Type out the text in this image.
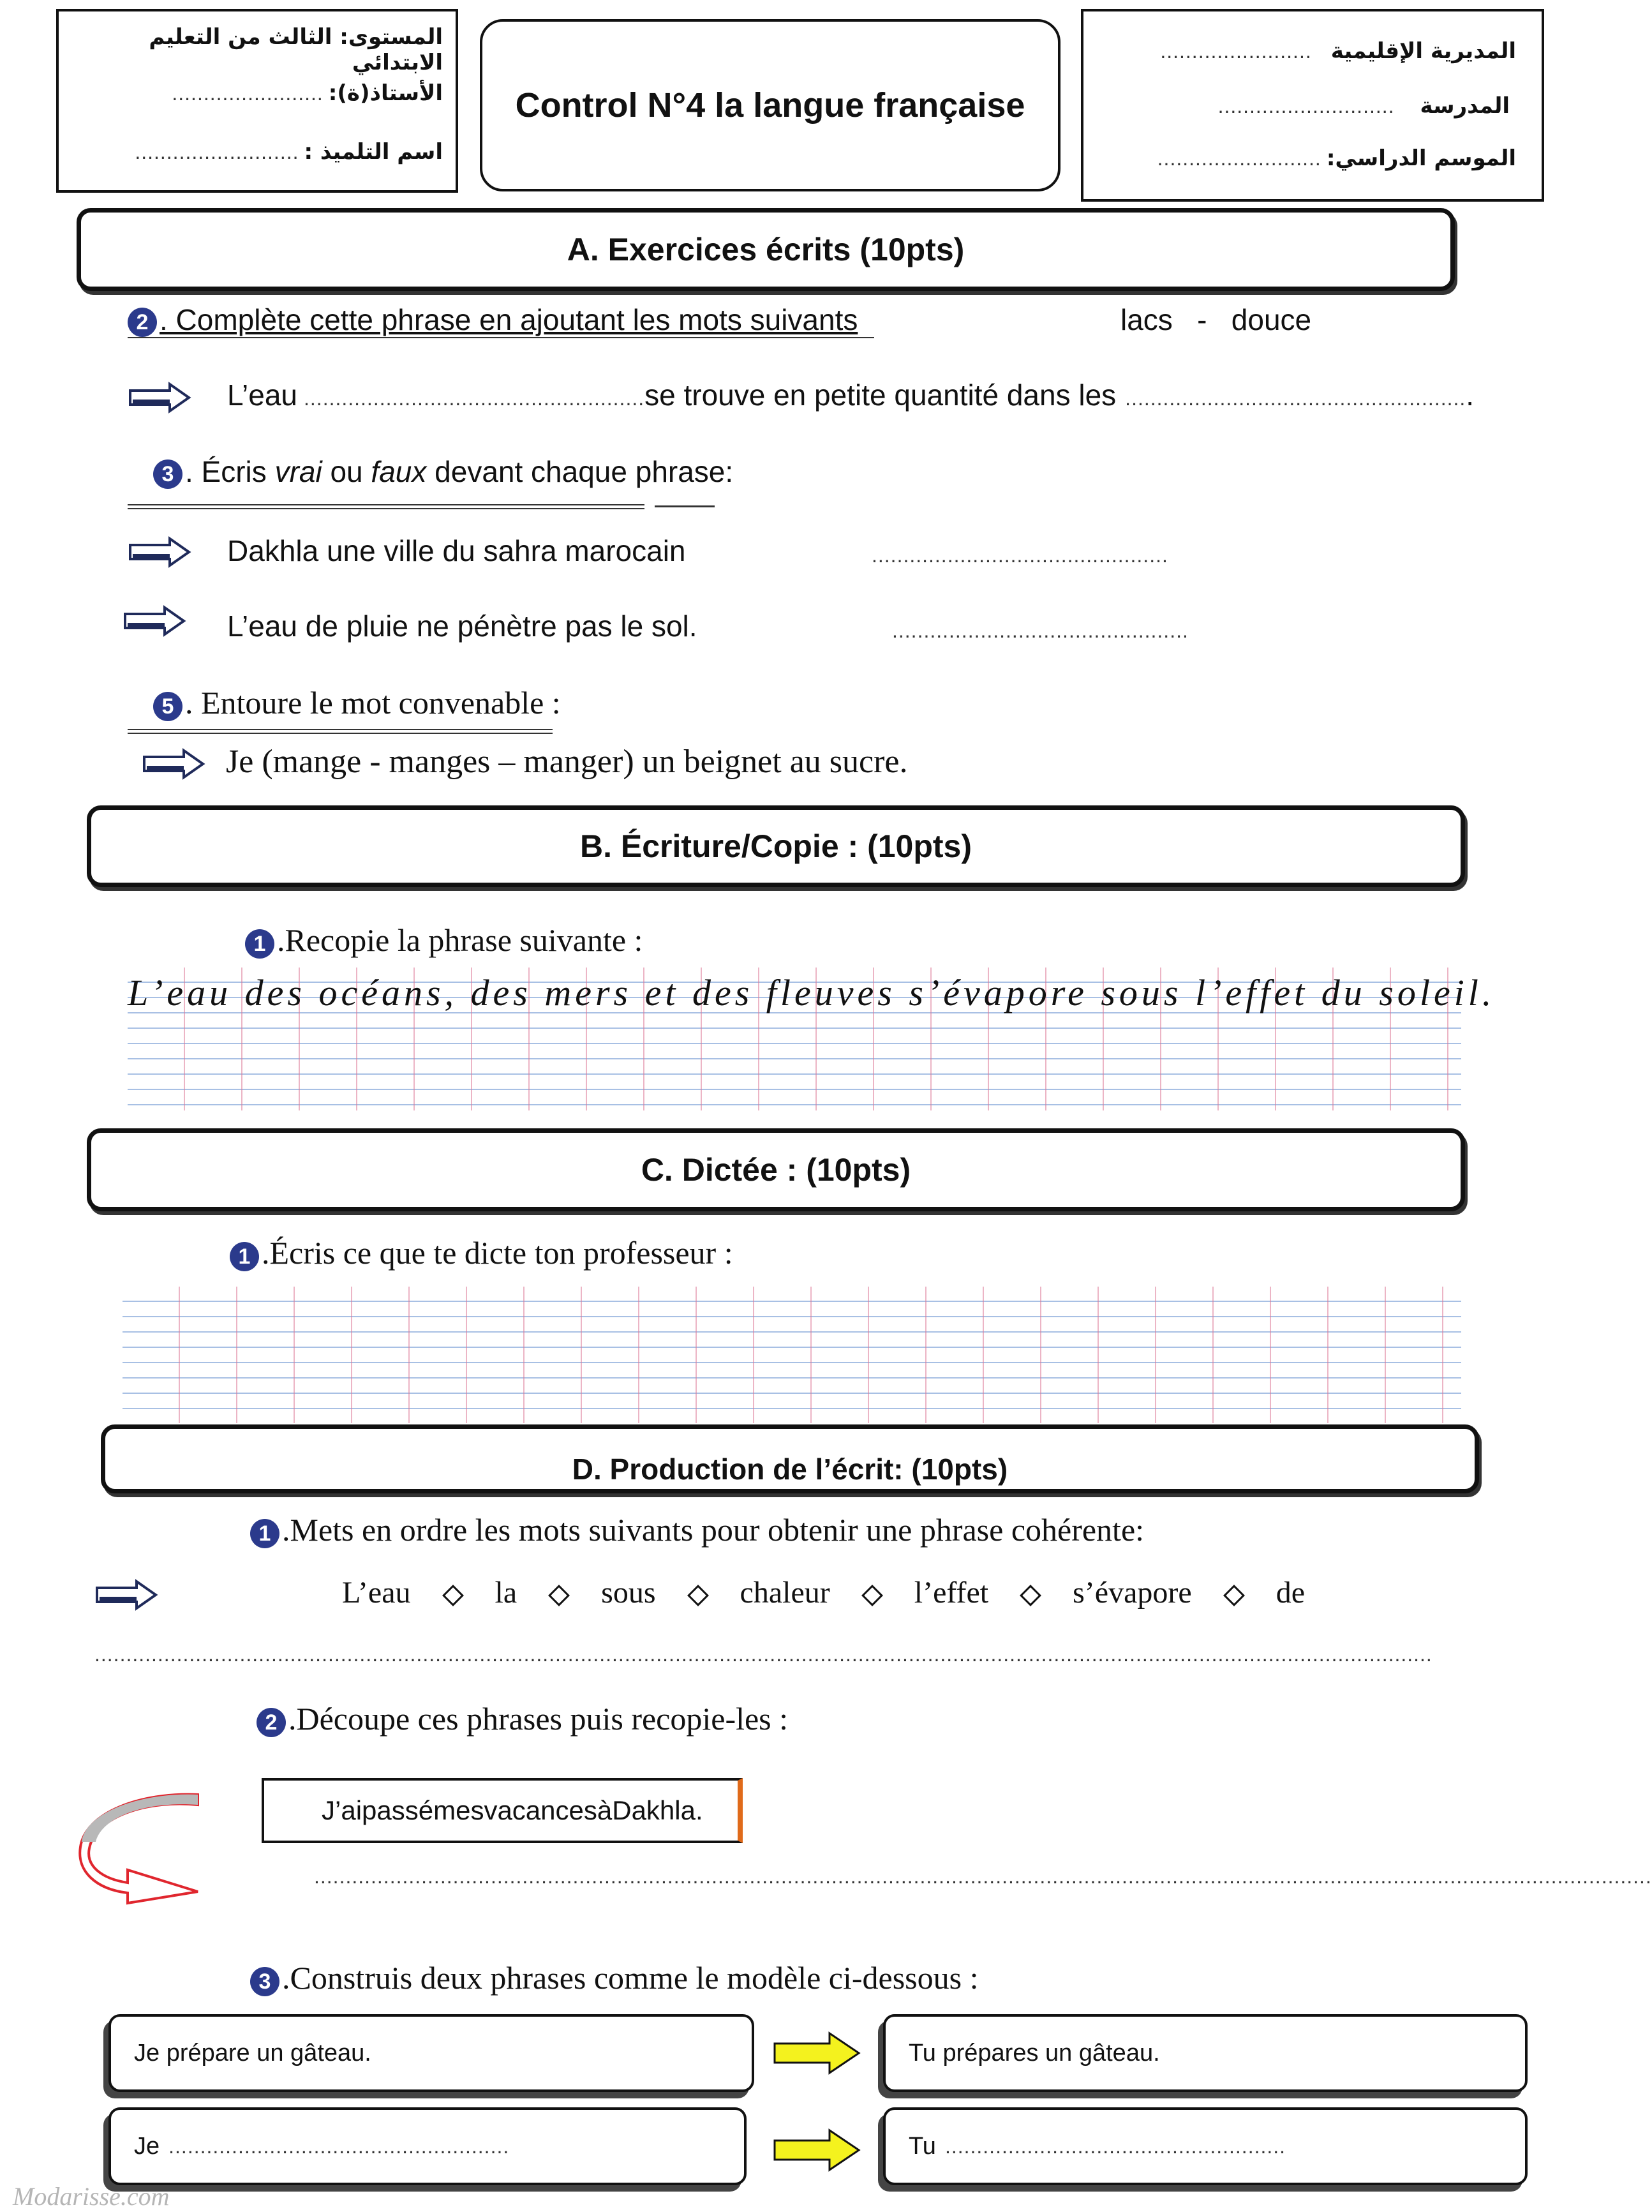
المستوى: الثالث من التعليم الابتدائي
الأستاذ(ة):
........................
اسم التلميذ :
..........................
Control N°4 la langue française
المديرية الإقليمية
........................
المدرسة
............................
الموسم الدراسي:
..........................
A. Exercices écrits (10pts)
2 . Complète cette phrase en ajoutant les mots suivants	lacs   -   douce
L’eau ...................................................... se trouve en petite quantité dans les ...................................................... .
3 . Écris vrai ou faux devant chaque phrase:
Dakhla une ville du sahra marocain	...............................................
L’eau de pluie ne pénètre pas le sol.	...............................................
5 . Entoure le mot convenable :
Je (mange - manges – manger) un beignet au sucre.
B. Écriture/Copie : (10pts)
1 .Recopie la phrase suivante :
L’eau des océans, des mers et des fleuves s’évapore sous l’effet du soleil.
C. Dictée : (10pts)
1 .Écris ce que te dicte ton professeur :
D. Production de l’écrit: (10pts)
1 .Mets en ordre les mots suivants pour obtenir une phrase cohérente:
L’eau	la	sous	chaleur	l’effet	s’évapore	de
....................................................................................................................................................................................................................
2 .Découpe ces phrases puis recopie-les :
J’aipassémesvacancesàDakhla.
....................................................................................................................................................................................................................
3 .Construis deux phrases comme le modèle ci-dessous :
Je prépare un gâteau.	Tu prépares un gâteau.
Je ......................................................	Tu ......................................................
Modarisse.com
